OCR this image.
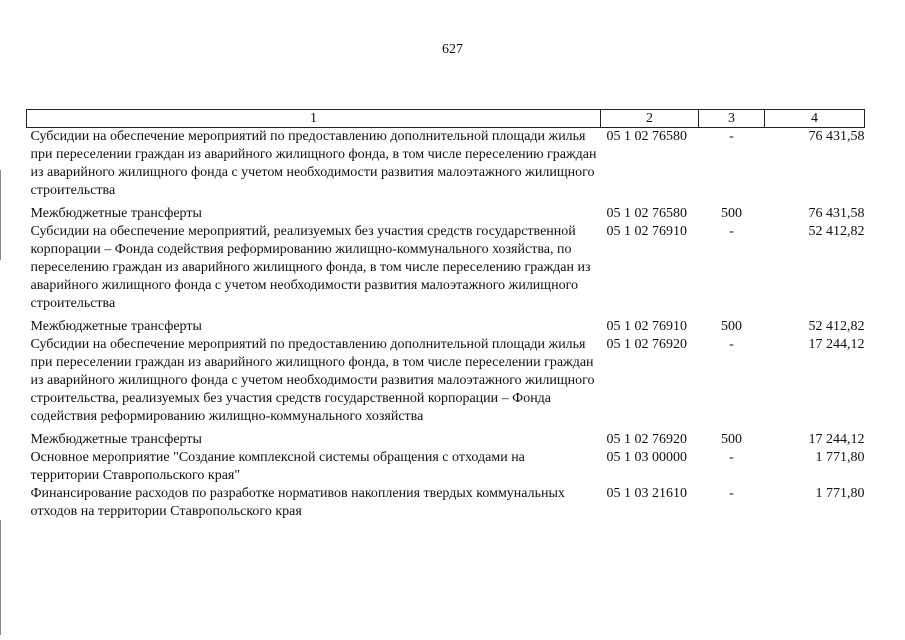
627
1	2	3	4
Субсидии на обеспечение мероприятий по предоставлению дополнительной площади жилья при переселении граждан из аварийного жилищного фонда, в том числе переселению граждан из аварийного жилищного фонда с учетом необходимости развития малоэтажного жилищного строительства	05 1 02 76580	-	76 431,58
Межбюджетные трансферты	05 1 02 76580	500	76 431,58
Субсидии на обеспечение мероприятий, реализуемых без участия средств государственной корпорации – Фонда содействия реформированию жилищно-коммунального хозяйства, по переселению граждан из аварийного жилищного фонда, в том числе переселению граждан из аварийного жилищного фонда с учетом необходимости развития малоэтажного жилищного строительства	05 1 02 76910	-	52 412,82
Межбюджетные трансферты	05 1 02 76910	500	52 412,82
Субсидии на обеспечение мероприятий по предоставлению дополнительной площади жилья при переселении граждан из аварийного жилищного фонда, в том числе переселении граждан из аварийного жилищного фонда с учетом необходимости развития малоэтажного жилищного строительства, реализуемых без участия средств государственной корпорации – Фонда содействия реформированию жилищно-коммунального хозяйства	05 1 02 76920	-	17 244,12
Межбюджетные трансферты	05 1 02 76920	500	17 244,12
Основное мероприятие "Создание комплексной системы обращения с отходами на территории Ставропольского края"	05 1 03 00000	-	1 771,80
Финансирование расходов по разработке нормативов накопления твердых коммунальных отходов на территории Ставропольского края	05 1 03 21610	-	1 771,80
